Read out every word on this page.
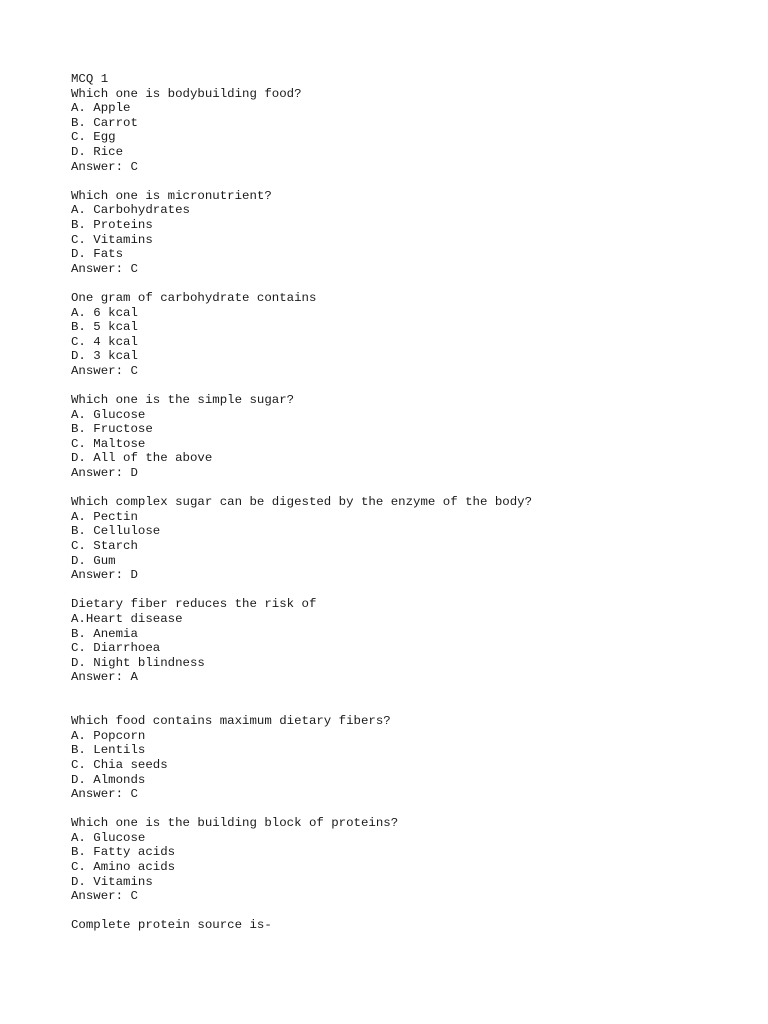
MCQ 1
Which one is bodybuilding food?
A. Apple
B. Carrot
C. Egg
D. Rice
Answer: C
Which one is micronutrient?
A. Carbohydrates
B. Proteins
C. Vitamins
D. Fats
Answer: C
One gram of carbohydrate contains
A. 6 kcal
B. 5 kcal
C. 4 kcal
D. 3 kcal
Answer: C
Which one is the simple sugar?
A. Glucose
B. Fructose
C. Maltose
D. All of the above
Answer: D
Which complex sugar can be digested by the enzyme of the body?
A. Pectin
B. Cellulose
C. Starch
D. Gum
Answer: D
Dietary fiber reduces the risk of
A.Heart disease
B. Anemia
C. Diarrhoea
D. Night blindness
Answer: A
Which food contains maximum dietary fibers?
A. Popcorn
B. Lentils
C. Chia seeds
D. Almonds
Answer: C
Which one is the building block of proteins?
A. Glucose
B. Fatty acids
C. Amino acids
D. Vitamins
Answer: C
Complete protein source is-
